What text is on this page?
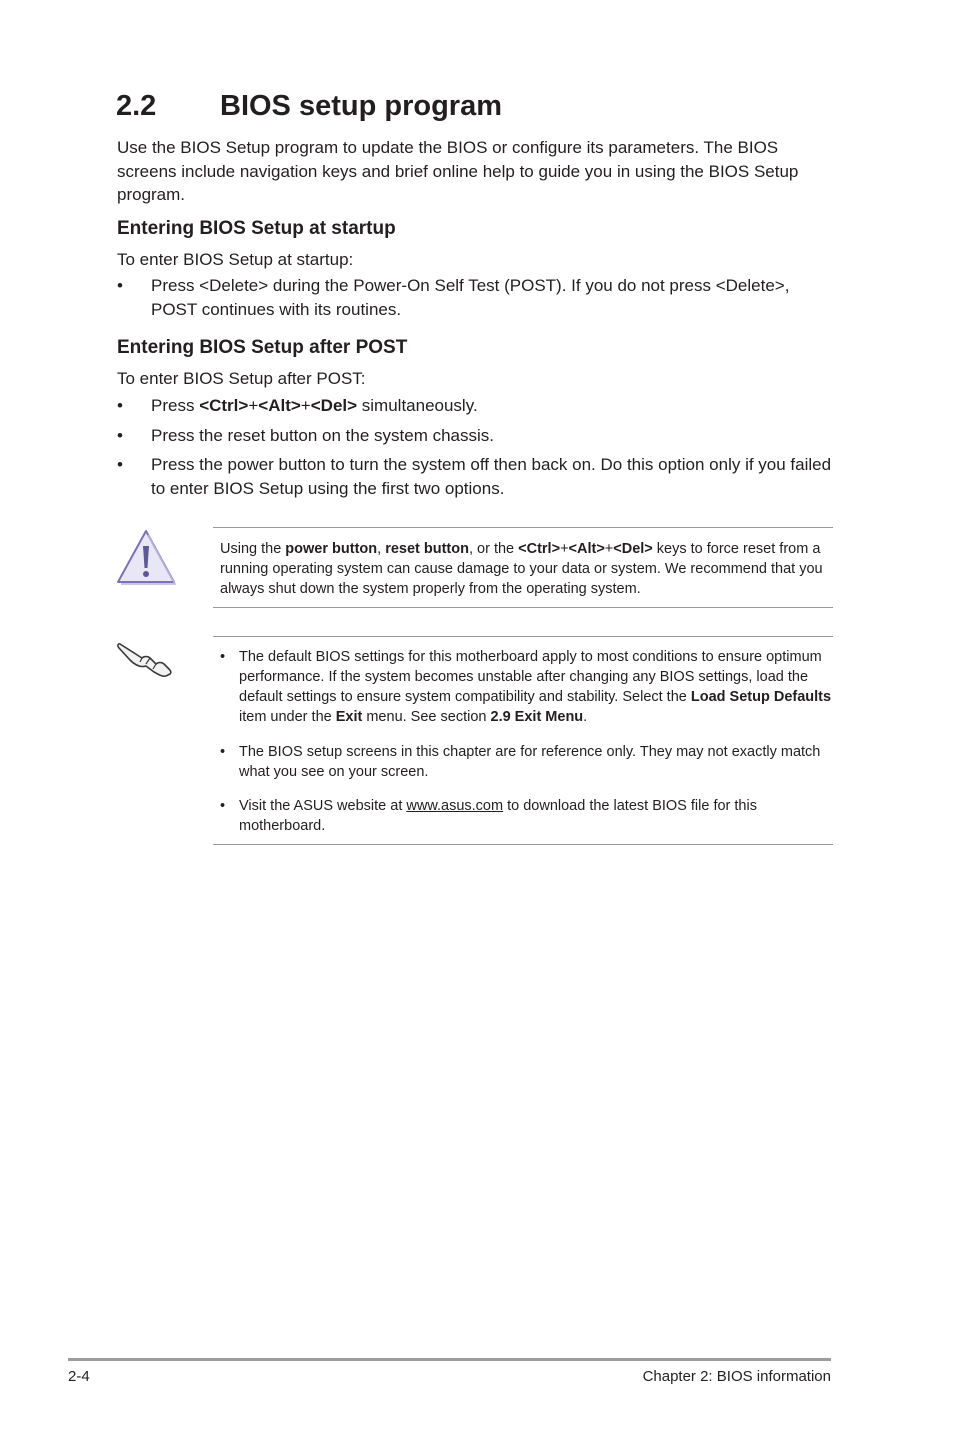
2.2 BIOS setup program
Use the BIOS Setup program to update the BIOS or configure its parameters. The BIOS screens include navigation keys and brief online help to guide you in using the BIOS Setup program.
Entering BIOS Setup at startup
To enter BIOS Setup at startup:
• Press <Delete> during the Power-On Self Test (POST). If you do not press <Delete>, POST continues with its routines.
Entering BIOS Setup after POST
To enter BIOS Setup after POST:
• Press <Ctrl>+<Alt>+<Del> simultaneously.
• Press the reset button on the system chassis.
• Press the power button to turn the system off then back on. Do this option only if you failed to enter BIOS Setup using the first two options.
Using the power button, reset button, or the <Ctrl>+<Alt>+<Del> keys to force reset from a running operating system can cause damage to your data or system. We recommend that you always shut down the system properly from the operating system.
• The default BIOS settings for this motherboard apply to most conditions to ensure optimum performance. If the system becomes unstable after changing any BIOS settings, load the default settings to ensure system compatibility and stability. Select the Load Setup Defaults item under the Exit menu. See section 2.9 Exit Menu.
• The BIOS setup screens in this chapter are for reference only. They may not exactly match what you see on your screen.
• Visit the ASUS website at www.asus.com to download the latest BIOS file for this motherboard.
2-4	Chapter 2: BIOS information
